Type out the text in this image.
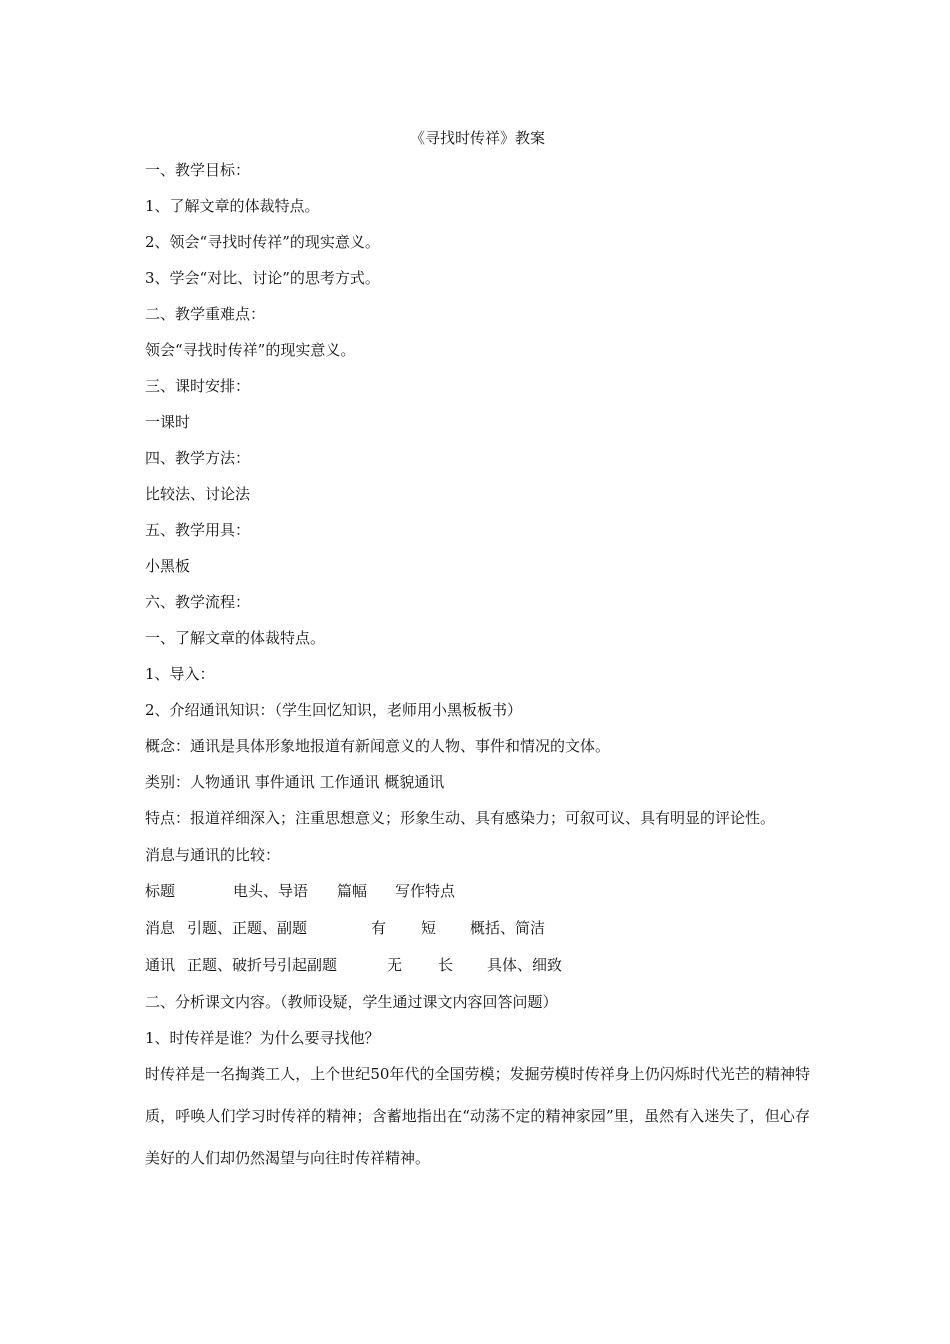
《寻找时传祥》教案
一、教学目标：
1、了解文章的体裁特点。
2、领会“寻找时传祥”的现实意义。
3、学会“对比、讨论”的思考方式。
二、教学重难点：
领会“寻找时传祥”的现实意义。
三、课时安排：
一课时
四、教学方法：
比较法、讨论法
五、教学用具：
小黑板
六、教学流程：
一、了解文章的体裁特点。
1、导入：
2、介绍通讯知识：（学生回忆知识，老师用小黑板板书）
概念：通讯是具体形象地报道有新闻意义的人物、事件和情况的文体。
类别：人物通讯 事件通讯 工作通讯 概貌通讯
特点：报道祥细深入；注重思想意义；形象生动、具有感染力；可叙可议、具有明显的评论性。
消息与通讯的比较：
标题	电头、导语 篇幅 写作特点
消息 引题、正题、副题	有 短 概括、简洁
通讯 正题、破折号引起副题	无 长 具体、细致
二、分析课文内容。（教师设疑，学生通过课文内容回答问题）
1、时传祥是谁？为什么要寻找他？
时传祥是一名掏粪工人，上个世纪50年代的全国劳模；发掘劳模时传祥身上仍闪烁时代光芒的精神特质，呼唤人们学习时传祥的精神；含蓄地指出在“动荡不定的精神家园”里，虽然有入迷失了，但心存美好的人们却仍然渴望与向往时传祥精神。
